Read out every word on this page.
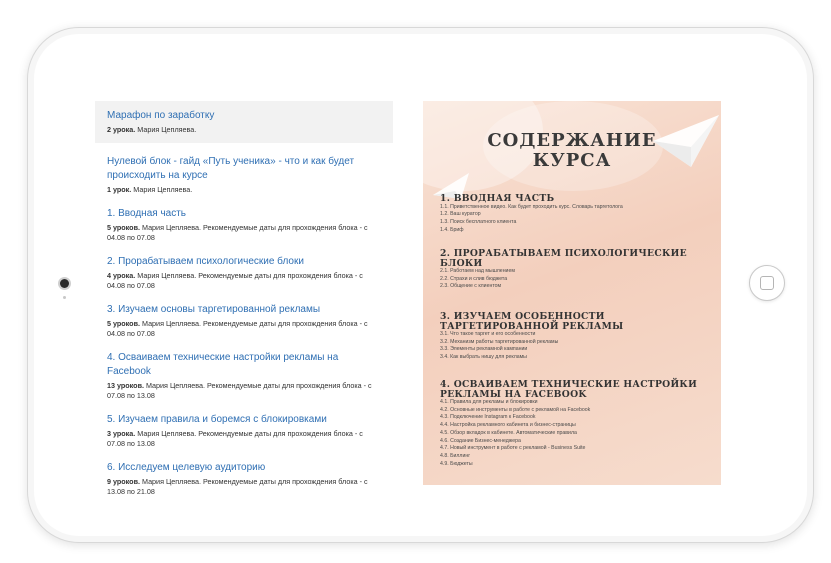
Марафон по заработку
2 урока. Мария Цепляева.
Нулевой блок - гайд «Путь ученика» - что и как будет происходить на курсе
1 урок. Мария Цепляева.
1. Вводная часть
5 уроков. Мария Цепляева. Рекомендуемые даты для прохождения блока - с 04.08 по 07.08
2. Прорабатываем психологические блоки
4 урока. Мария Цепляева. Рекомендуемые даты для прохождения блока - с 04.08 по 07.08
3. Изучаем основы таргетированной рекламы
5 уроков. Мария Цепляева. Рекомендуемые даты для прохождения блока - с 04.08 по 07.08
4. Осваиваем технические настройки рекламы на Facebook
13 уроков. Мария Цепляева. Рекомендуемые даты для прохождения блока - с 07.08 по 13.08
5. Изучаем правила и боремся с блокировками
3 урока. Мария Цепляева. Рекомендуемые даты для прохождения блока - с 07.08 по 13.08
6. Исследуем целевую аудиторию
9 уроков. Мария Цепляева. Рекомендуемые даты для прохождения блока - с 13.08 по 21.08
СОДЕРЖАНИЕ
КУРСА
1. ВВОДНАЯ ЧАСТЬ
1.1. Приветственное видео. Как будет проходить курс. Словарь таргетолога
1.2. Ваш куратор
1.3. Поиск бесплатного клиента
1.4. Бриф
2. ПРОРАБАТЫВАЕМ ПСИХОЛОГИЧЕСКИЕ БЛОКИ
2.1. Работаем над мышлением
2.2. Страхи и слив бюджета
2.3. Общение с клиентом
3. ИЗУЧАЕМ ОСОБЕННОСТИ ТАРГЕТИРОВАННОЙ РЕКЛАМЫ
3.1. Что такое таргет и его особенности
3.2. Механизм работы таргетированной рекламы
3.3. Элементы рекламной кампании
3.4. Как выбрать нишу для рекламы
4. ОСВАИВАЕМ ТЕХНИЧЕСКИЕ НАСТРОЙКИ РЕКЛАМЫ НА FACEBOOK
4.1. Правила для рекламы и блокировки
4.2. Основные инструменты в работе с рекламой на Facebook
4.3. Подключение Instagram к Facebook
4.4. Настройка рекламного кабинета и бизнес-страницы
4.5. Обзор вкладок в кабинете. Автоматические правила
4.6. Создание Бизнес-менеджера
4.7. Новый инструмент в работе с рекламой - Business Suite
4.8. Биллинг
4.9. Бюджеты
